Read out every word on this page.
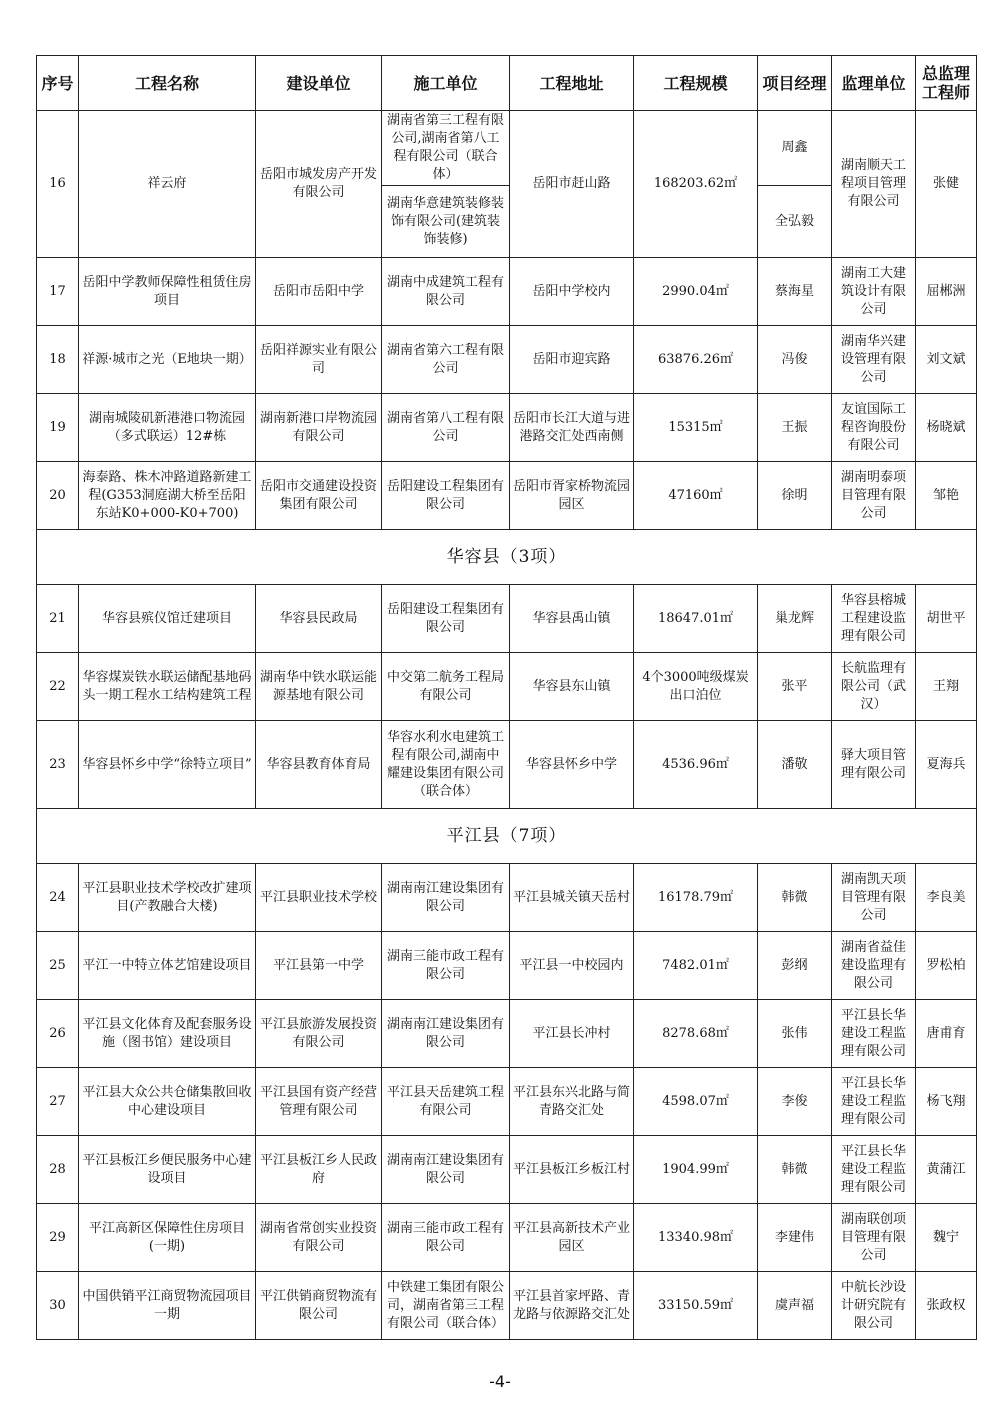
序号	工程名称	建设单位	施工单位	工程地址	工程规模	项目经理	监理单位	总监理工程师
16	祥云府	岳阳市城发房产开发有限公司	湖南省第三工程有限公司,湖南省第八工程有限公司（联合体）	岳阳市赶山路	168203.62㎡	周鑫	湖南顺天工程项目管理有限公司	张健
			湖南华意建筑装修装饰有限公司(建筑装饰装修)			全弘毅		
17	岳阳中学教师保障性租赁住房项目	岳阳市岳阳中学	湖南中成建筑工程有限公司	岳阳中学校内	2990.04㎡	蔡海星	湖南工大建筑设计有限公司	屈郴洲
18	祥源·城市之光（E地块一期）	岳阳祥源实业有限公司	湖南省第六工程有限公司	岳阳市迎宾路	63876.26㎡	冯俊	湖南华兴建设管理有限公司	刘文斌
19	湖南城陵矶新港港口物流园（多式联运）12#栋	湖南新港口岸物流园有限公司	湖南省第八工程有限公司	岳阳市长江大道与进港路交汇处西南侧	15315㎡	王振	友谊国际工程咨询股份有限公司	杨晓斌
20	海泰路、株木冲路道路新建工程(G353洞庭湖大桥至岳阳东站K0+000-K0+700)	岳阳市交通建设投资集团有限公司	岳阳建设工程集团有限公司	岳阳市胥家桥物流园园区	47160㎡	徐明	湖南明泰项目管理有限公司	邹艳
华容县（3项）								
21	华容县殡仪馆迁建项目	华容县民政局	岳阳建设工程集团有限公司	华容县禹山镇	18647.01㎡	巢龙辉	华容县榕城工程建设监理有限公司	胡世平
22	华容煤炭铁水联运储配基地码头一期工程水工结构建筑工程	湖南华中铁水联运能源基地有限公司	中交第二航务工程局有限公司	华容县东山镇	4个3000吨级煤炭出口泊位	张平	长航监理有限公司（武汉）	王翔
23	华容县怀乡中学“徐特立项目”	华容县教育体育局	华容水利水电建筑工程有限公司,湖南中耀建设集团有限公司（联合体）	华容县怀乡中学	4536.96㎡	潘敬	驿大项目管理有限公司	夏海兵
平江县（7项）								
24	平江县职业技术学校改扩建项目(产教融合大楼)	平江县职业技术学校	湖南南江建设集团有限公司	平江县城关镇天岳村	16178.79㎡	韩微	湖南凯天项目管理有限公司	李良美
25	平江一中特立体艺馆建设项目	平江县第一中学	湖南三能市政工程有限公司	平江县一中校园内	7482.01㎡	彭纲	湖南省益佳建设监理有限公司	罗松柏
26	平江县文化体育及配套服务设施（图书馆）建设项目	平江县旅游发展投资有限公司	湖南南江建设集团有限公司	平江县长冲村	8278.68㎡	张伟	平江县长华建设工程监理有限公司	唐甫育
27	平江县大众公共仓储集散回收中心建设项目	平江县国有资产经营管理有限公司	平江县天岳建筑工程有限公司	平江县东兴北路与简青路交汇处	4598.07㎡	李俊	平江县长华建设工程监理有限公司	杨飞翔
28	平江县板江乡便民服务中心建设项目	平江县板江乡人民政府	湖南南江建设集团有限公司	平江县板江乡板江村	1904.99㎡	韩微	平江县长华建设工程监理有限公司	黄蒲江
29	平江高新区保障性住房项目(一期)	湖南省常创实业投资有限公司	湖南三能市政工程有限公司	平江县高新技术产业园区	13340.98㎡	李建伟	湖南联创项目管理有限公司	魏宁
30	中国供销平江商贸物流园项目一期	平江供销商贸物流有限公司	中铁建工集团有限公司，湖南省第三工程有限公司（联合体）	平江县首家坪路、青龙路与依源路交汇处	33150.59㎡	虞声福	中航长沙设计研究院有限公司	张政权
-4-
